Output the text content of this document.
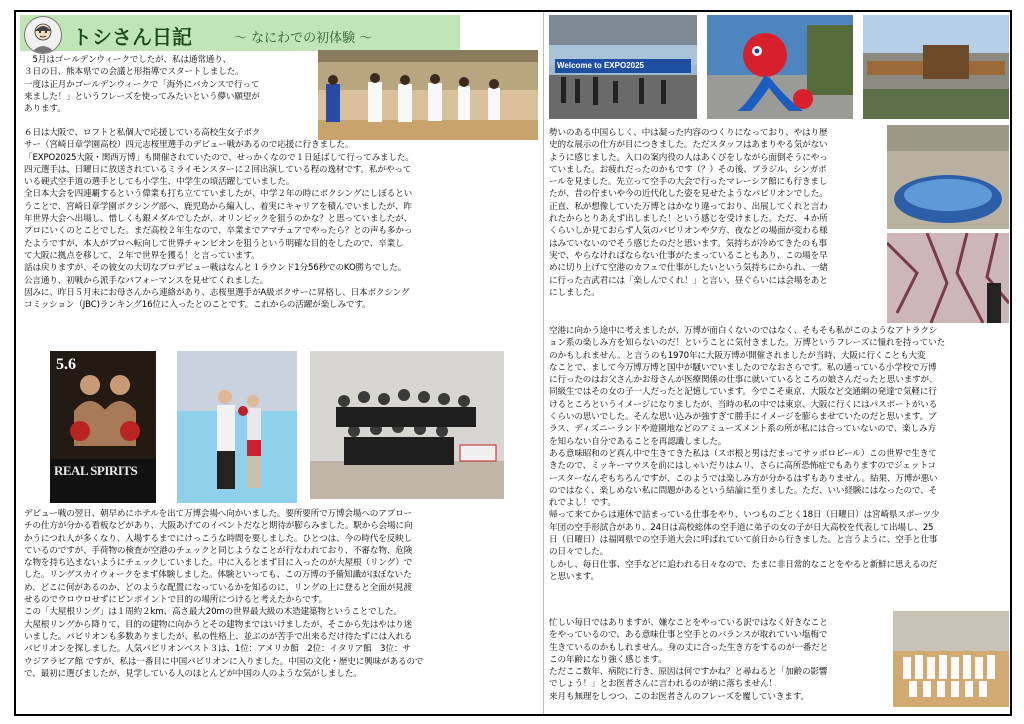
トシさん日記	～ なにわでの初体験 ～

　5月はゴールデンウィークでしたが、私は通常通り、

３日の日、熊本県での会議と形指導でスタートしました。

一度は正月かゴールデンウィークで「海外にバカンスで行って

来ました！」というフレーズを使ってみたいという儚い願望が

あります。

６日は大阪で、ロフトと私個人で応援している高校生女子ボク

サー（宮崎日章学園高校）四元志桜里選手のデビュー戦があるので応援に行きました。

「EXPO2025大阪・関西万博」も開催されていたので、せっかくなので１日延ばして行ってみました。

四元選手は、日曜日に放送されているミライモンスターに２回出演している程の逸材です。私がやって

いる硬式空手道の選手としても小学生、中学生の頃活躍していました。

全日本大会を四連覇するという偉業も打ち立てていましたが、中学２年の時にボクシングにしぼるとい

うことで、宮崎日章学園ボクシング部へ、鹿児島から編入し、着実にキャリアを積んでいましたが、昨

年世界大会へ出場し、惜しくも銀メダルでしたが、オリンピックを狙うのかな？と思っていましたが、

プロにいくのとことでした。まだ高校２年生なので、卒業までアマチュアでやったら？との声も多かっ

たようですが、本人がプロへ転向して世界チャンピオンを狙うという明確な目的をしたので、卒業し

て大阪に拠点を移して、２年で世界を獲る！と言っています。

話は戻りますが、その彼女の大切なプロデビュー戦はなんと１ラウンド1分56秒でのKO勝ちでした。

公言通り、初戦から派手なパフォーマンスを見せてくれました。

因みに、昨日５月末にお母さんから連絡があり、志桜里選手がA級ボクサーに昇格し、日本ボクシング

コミッション（JBC)ランキング16位に入ったとのことです。これからの活躍が楽しみです。

5.6
REAL SPIRITS

デビュー戦の翌日、朝早めにホテルを出て万博会場へ向かいました。要所要所で万博会場へのアプロー

チの仕方が分かる看板などがあり、大阪あげてのイベントだなと期待が膨らみました。駅から会場に向

かうにつれ人が多くなり、入場するまでにけっこうな時間を要しました。ひとつは、今の時代を反映し

ているのですが、手荷物の検査が空港のチェックと同じようなことが行なわれており、不審な物、危険

な物を持ち込まないようにチェックしていました。中に入るとまず目に入ったのが大屋根（リング）で

した。リングスカイウォークをまず体験しました。体験といっても、この万博の予備知識がほぼないた

め、どこに何があるのか、どのような配置になっているかを知るのに、リングの上に登ると全面が見渡

せるのでウロウロせずにピンポイントで目的の場所につけると考えたからです。

この「大屋根リング」は１周約２km、高さ最大20mの世界最大級の木造建築物ということでした。

大屋根リングから降りて、目的の建物に向かうとその建物まではいけましたが、そこから先はやはり迷

いました。パビリオンも多数ありましたが、私の性格上、並ぶのが苦手で出来るだけ待たずには入れる

パビリオンを探しました。人気パビリオンベスト３は、1位：アメリカ館　2位：イタリア館　3位：サ

ウジアラビア館 ですが、私は一番目に中国パビリオンに入りました。中国の文化・歴史に興味があるので

で、最初に選びましたが、見学している人のほとんどが中国の人のような気がしました。

Welcome to EXPO2025

勢いのある中国らしく、中は凝った内容のつくりになっており、やはり歴

史的な展示の仕方が目につきました。ただスタッフはあまりやる気がない

ように感じました。入口の案内役の人はあくびをしながら面倒そうにやっ

ていました。お疲れだったのかもです（？）その後、ブラジル、シンガポ

ールを見ました。先立って空手の大会で行ったマレーシア館にも行きまし

たが、昔の佇まいや今の近代化した姿を見せたようなパビリオンでした。

正直、私が想像していた万博とはかなり違っており、出展してくれと言わ

れたからとりあえず出しました！という感じを受けました。ただ、４か所

くらいしか見ておらず人気のパビリオンや夕方、夜などの場面が変わる様

はみていないのでそう感じたのだと思います。気持ちが冷めてきたのも事

実で、やらなければならない仕事がたまっていることもあり、この場を早

めに切り上げて空港のカフェで仕事がしたいという気持ちにかられ、一緒

に行った吉武君には「楽しんでくれ！」と言い、昼ぐらいには会場をあと

にしました。

空港に向かう途中に考えましたが、万博が面白くないのではなく、そもそも私がこのようなアトラクシ

ョン系の楽しみ方を知らないのだ！ということに気付きました。万博というフレーズに憧れを持っていた

のかもしれません。と言うのも1970年に大阪万博が開催されましたが当時、大阪に行くことも大変

なことで、まして今万博万博と国中が騒いでいましたのでなおさらです。私の通っている小学校で万博

に行ったのはお父さんかお母さんが医療関係の仕事に就いているところの娘さんだったと思いますが、

同級生ではその女の子一人だったと記憶しています。今でこそ東京、大阪など交通網の発達で気軽に行

けるところというイメージになりましたが、当時の私の中では東京、大阪に行くにはパスポートがいる

くらいの思いでした。そんな思い込みが強すぎて勝手にイメージを膨らませていたのだと思います。ブ

ラス、ディズニーランドや遊園地などのアミューズメント系の所が私には合っていないので、楽しみ方

を知らない自分であることを再認識しました。

ある意味昭和のど真ん中で生きてきた私は（スポ根と男はだまってサッポロビール）この世界で生きて

きたので、ミッキーマウスを前にはしゃいだりはムリ、さらに高所恐怖症でもありますのでジェットコ

ースターなんぞもちろんですが、このようでは楽しみ方が分かるはずもありません。結果、万博が悪い

のではなく、楽しめない私に問題があるという結論に至りました。ただ、いい経験にはなったので、そ

れでよし！です。

帰って来てからは連休で詰まっている仕事をやり、いつものごとく18日（日曜日）は宮崎県スポーツ少

年団の空手形試合があり、24日は高校総体の空手道に弟子の女の子が日大高校を代表して出場し、25

日（日曜日）は福岡県での空手道大会に呼ばれていて前日から行きました。と言うように、空手と仕事

の日々でした。

しかし、毎日仕事、空手などに追われる日々なので、たまに非日常的なことをやると新鮮に思えるのだ

と思います。

忙しい毎日ではありますが、嫌なことをやっている訳ではなく好きなこと

をやっているので、ある意味仕事と空手とのバランスが取れていい塩梅で

生きているのかもしれません。身の丈に合った生き方をするのが一番だと

この年齢になり強く感じます。

ただここ数年、病院に行き、原因は何ですかね？と尋ねると「加齢の影響

でしょう！」とお医者さんに言われるのが納に落ちません！

来月も無理をしつつ、このお医者さんのフレーズを覆していきます。
